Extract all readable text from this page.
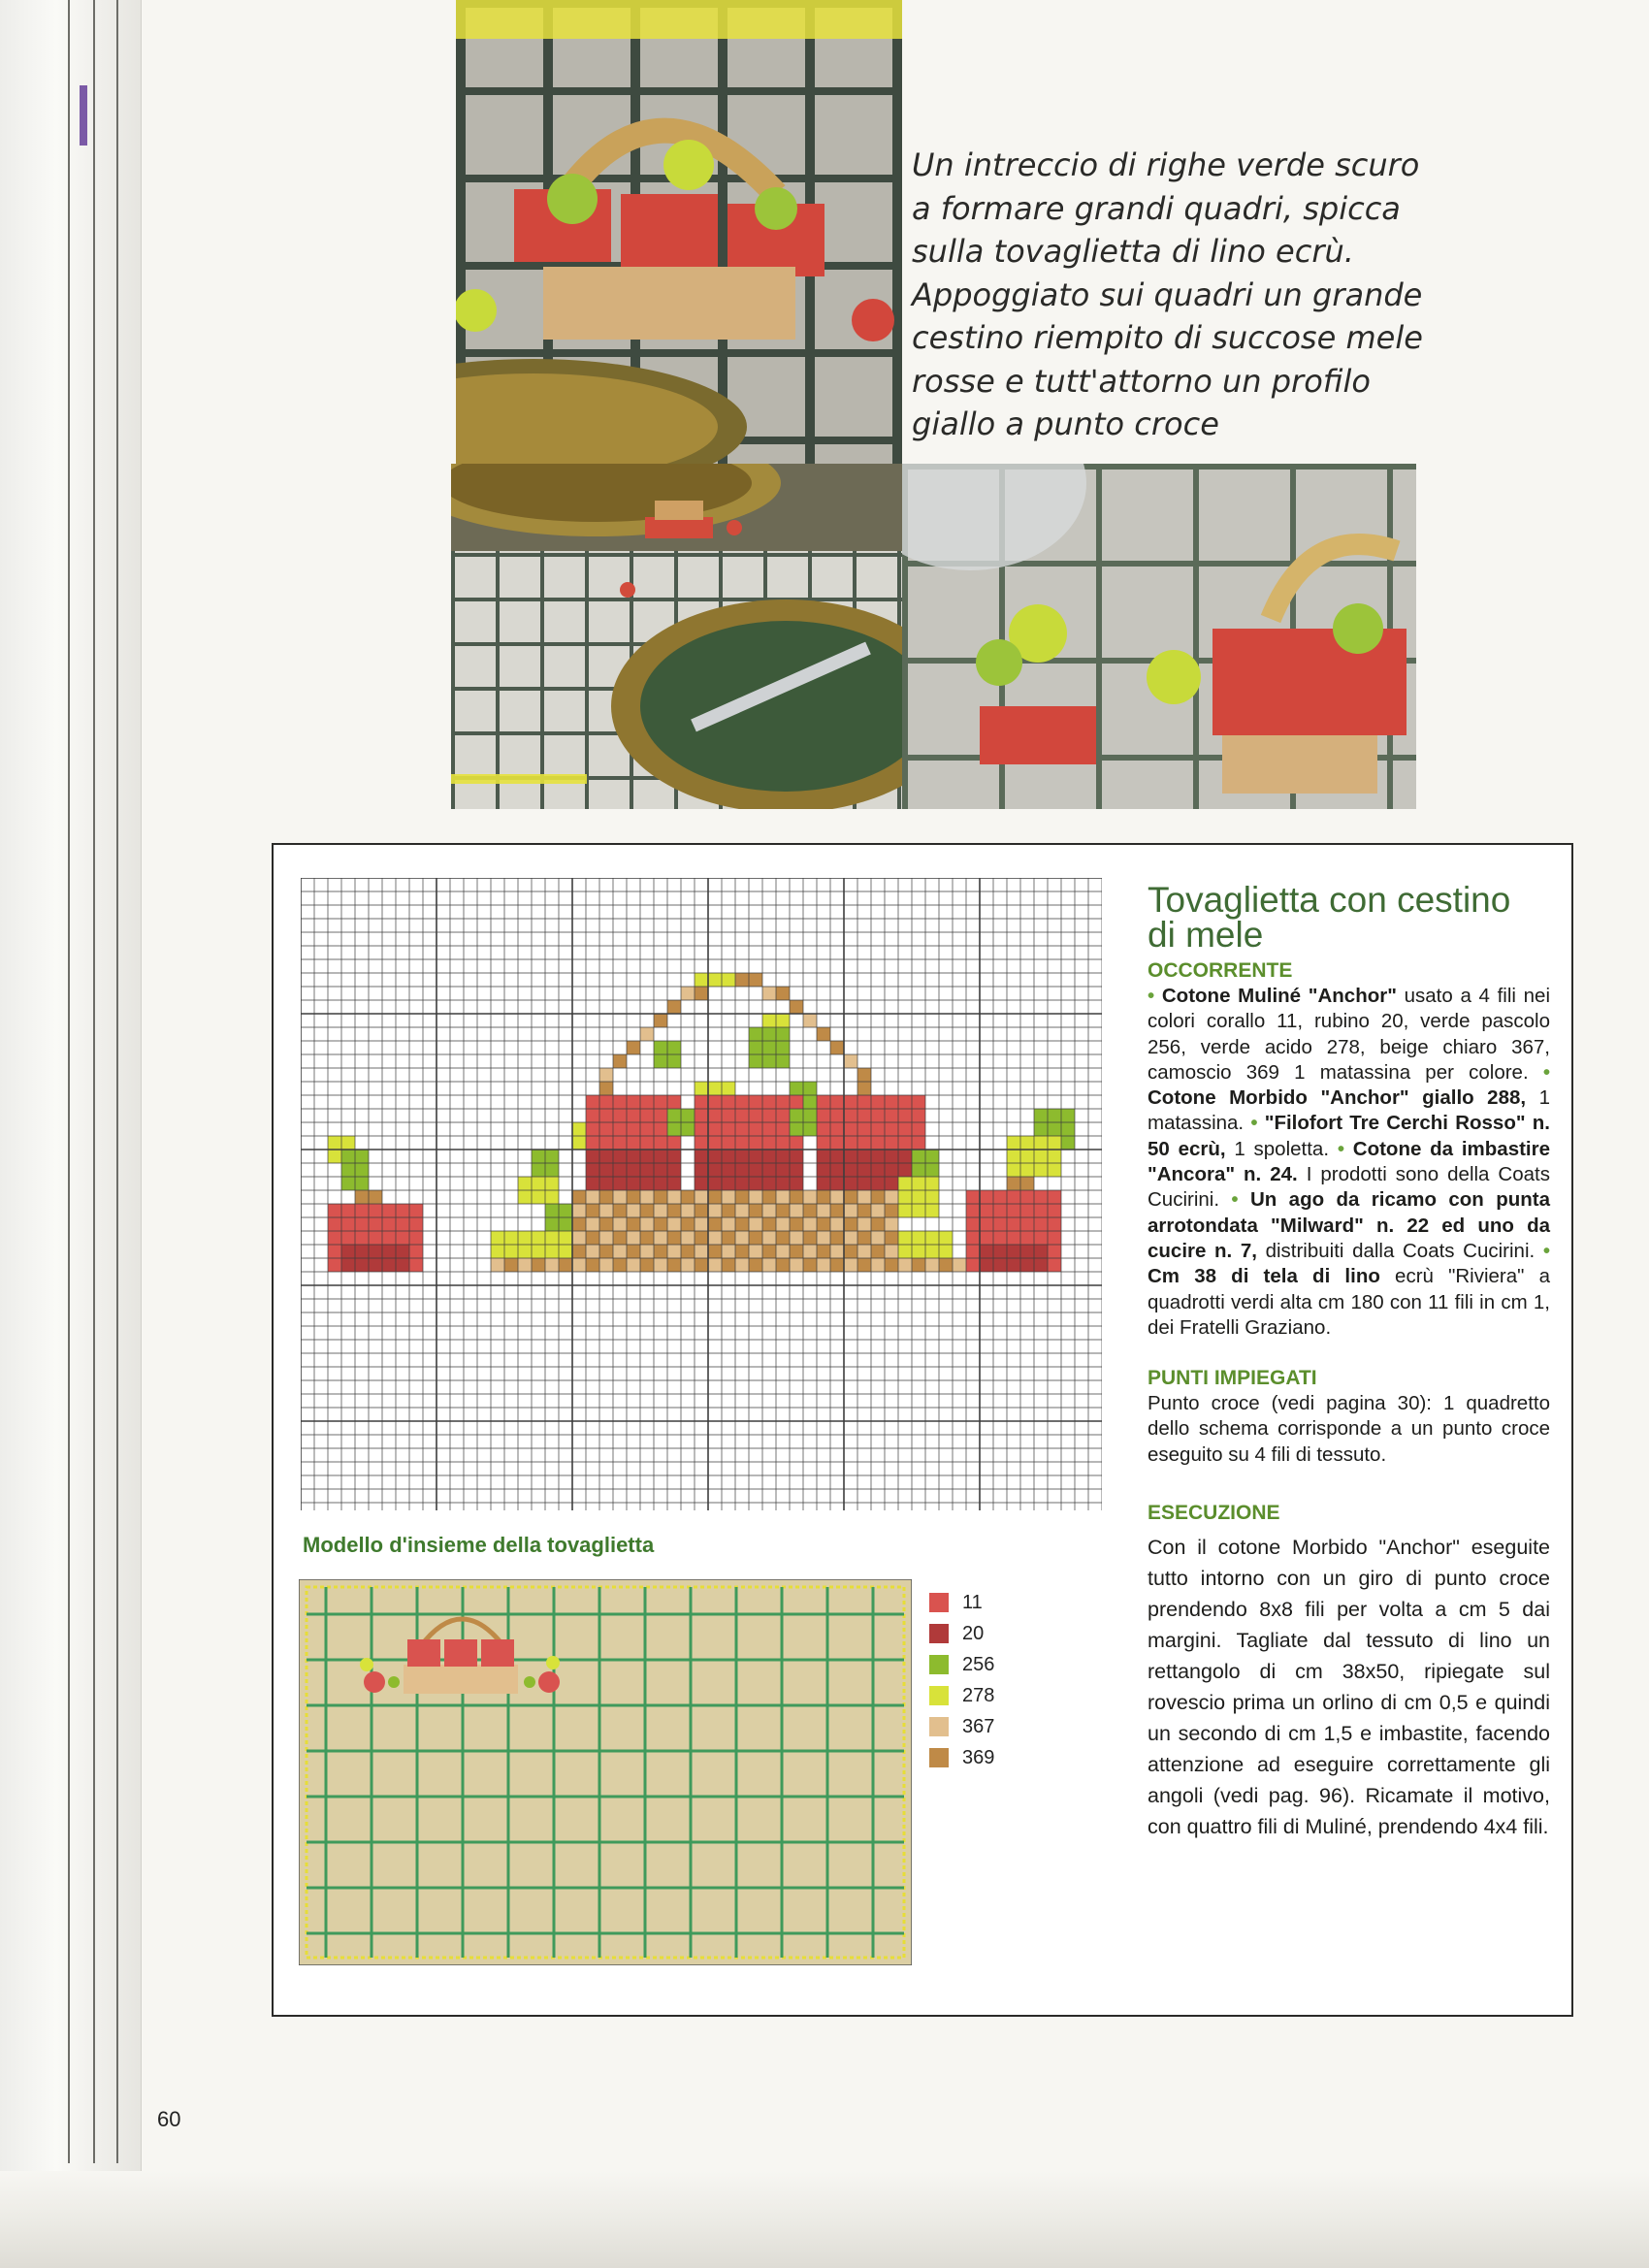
Un intreccio di righe verde scuro
a formare grandi quadri, spicca
sulla tovaglietta di lino ecrù.
Appoggiato sui quadri un grande
cestino riempito di succose mele
rosse e tutt'attorno un profilo
giallo a punto croce
Modello d'insieme della tovaglietta
11
20
256
278
367
369
Tovaglietta con cestino
di mele
OCCORRENTE

• Cotone Muliné "Anchor" usato a 4 fili nei colori corallo 11, rubino 20, verde pascolo 256, verde acido 278, beige chiaro 367, camoscio 369 1 matassina per colore. • Cotone Morbido "Anchor" giallo 288, 1 matassina. • "Filofort Tre Cerchi Rosso" n. 50 ecrù, 1 spoletta. • Cotone da imbastire "Ancora" n. 24. I prodotti sono della Coats Cucirini. • Un ago da ricamo con punta arrotondata "Milward" n. 22 ed uno da cucire n. 7, distribuiti dalla Coats Cucirini. • Cm 38 di tela di lino ecrù "Riviera" a quadrotti verdi alta cm 180 con 11 fili in cm 1, dei Fratelli Graziano.

PUNTI IMPIEGATI

Punto croce (vedi pagina 30): 1 quadretto dello schema corrisponde a un punto croce eseguito su 4 fili di tessuto.

ESECUZIONE

Con il cotone Morbido "Anchor" eseguite tutto intorno con un giro di punto croce prendendo 8x8 fili per volta a cm 5 dai margini. Tagliate dal tessuto di lino un rettangolo di cm 38x50, ripiegate sul rovescio prima un orlino di cm 0,5 e quindi un secondo di cm 1,5 e imbastite, facendo attenzione ad eseguire correttamente gli angoli (vedi pag. 96). Ricamate il motivo, con quattro fili di Muliné, prendendo 4x4 fili.

60
